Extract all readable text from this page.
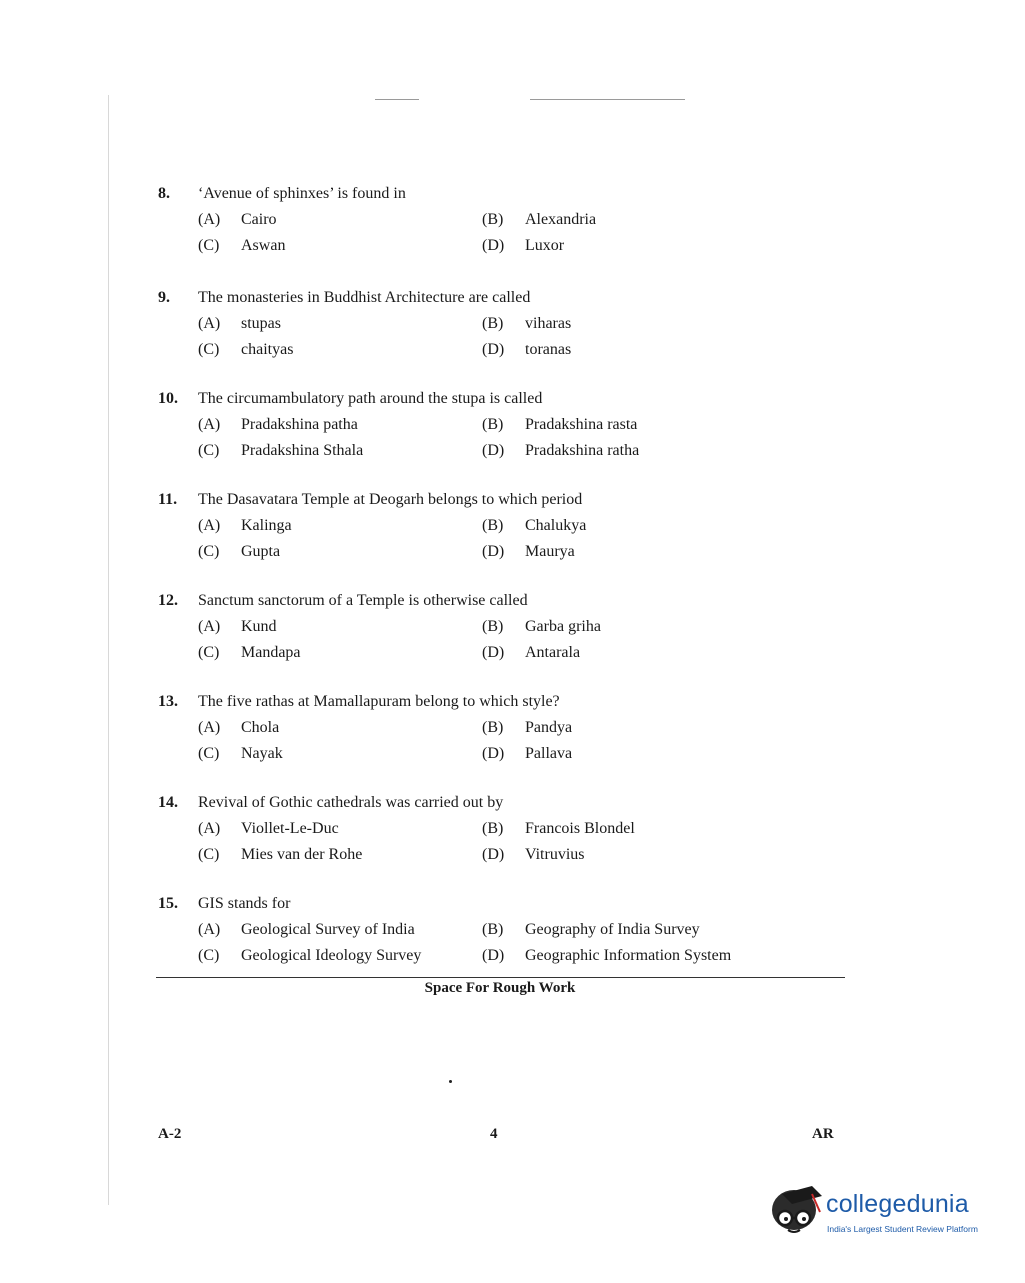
8.	‘Avenue of sphinxes’ is found in
(A)	Cairo	(B)	Alexandria
(C)	Aswan	(D)	Luxor
9.	The monasteries in Buddhist Architecture are called
(A)	stupas	(B)	viharas
(C)	chaityas	(D)	toranas
10.	The circumambulatory path around the stupa is called
(A)	Pradakshina patha	(B)	Pradakshina rasta
(C)	Pradakshina Sthala	(D)	Pradakshina ratha
11.	The Dasavatara Temple at Deogarh belongs to which period
(A)	Kalinga	(B)	Chalukya
(C)	Gupta	(D)	Maurya
12.	Sanctum sanctorum of a Temple is otherwise called
(A)	Kund	(B)	Garba griha
(C)	Mandapa	(D)	Antarala
13.	The five rathas at Mamallapuram belong to which style?
(A)	Chola	(B)	Pandya
(C)	Nayak	(D)	Pallava
14.	Revival of Gothic cathedrals was carried out by
(A)	Viollet-Le-Duc	(B)	Francois Blondel
(C)	Mies van der Rohe	(D)	Vitruvius
15.	GIS stands for
(A)	Geological Survey of India	(B)	Geography of India Survey
(C)	Geological Ideology Survey	(D)	Geographic Information System
Space For Rough Work
A-2	4	AR
collegedunia
India's Largest Student Review Platform
